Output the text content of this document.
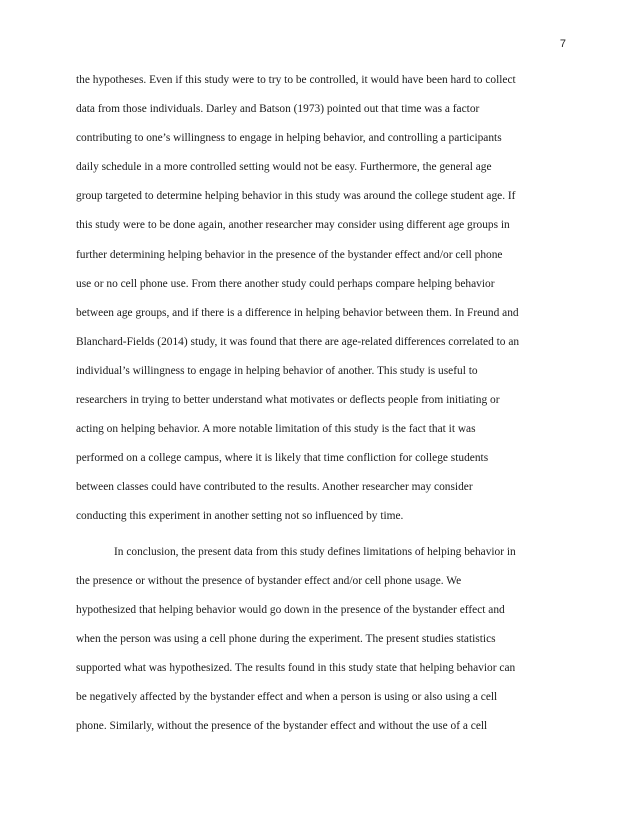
7
the hypotheses. Even if this study were to try to be controlled, it would have been hard to collect
data from those individuals. Darley and Batson (1973) pointed out that time was a factor
contributing to one’s willingness to engage in helping behavior, and controlling a participants
daily schedule in a more controlled setting would not be easy. Furthermore, the general age
group targeted to determine helping behavior in this study was around the college student age. If
this study were to be done again, another researcher may consider using different age groups in
further determining helping behavior in the presence of the bystander effect and/or cell phone
use or no cell phone use. From there another study could perhaps compare helping behavior
between age groups, and if there is a difference in helping behavior between them. In Freund and
Blanchard-Fields (2014) study, it was found that there are age-related differences correlated to an
individual’s willingness to engage in helping behavior of another. This study is useful to
researchers in trying to better understand what motivates or deflects people from initiating or
acting on helping behavior. A more notable limitation of this study is the fact that it was
performed on a college campus, where it is likely that time confliction for college students
between classes could have contributed to the results. Another researcher may consider
conducting this experiment in another setting not so influenced by time.
In conclusion, the present data from this study defines limitations of helping behavior in
the presence or without the presence of bystander effect and/or cell phone usage. We
hypothesized that helping behavior would go down in the presence of the bystander effect and
when the person was using a cell phone during the experiment. The present studies statistics
supported what was hypothesized. The results found in this study state that helping behavior can
be negatively affected by the bystander effect and when a person is using or also using a cell
phone. Similarly, without the presence of the bystander effect and without the use of a cell
